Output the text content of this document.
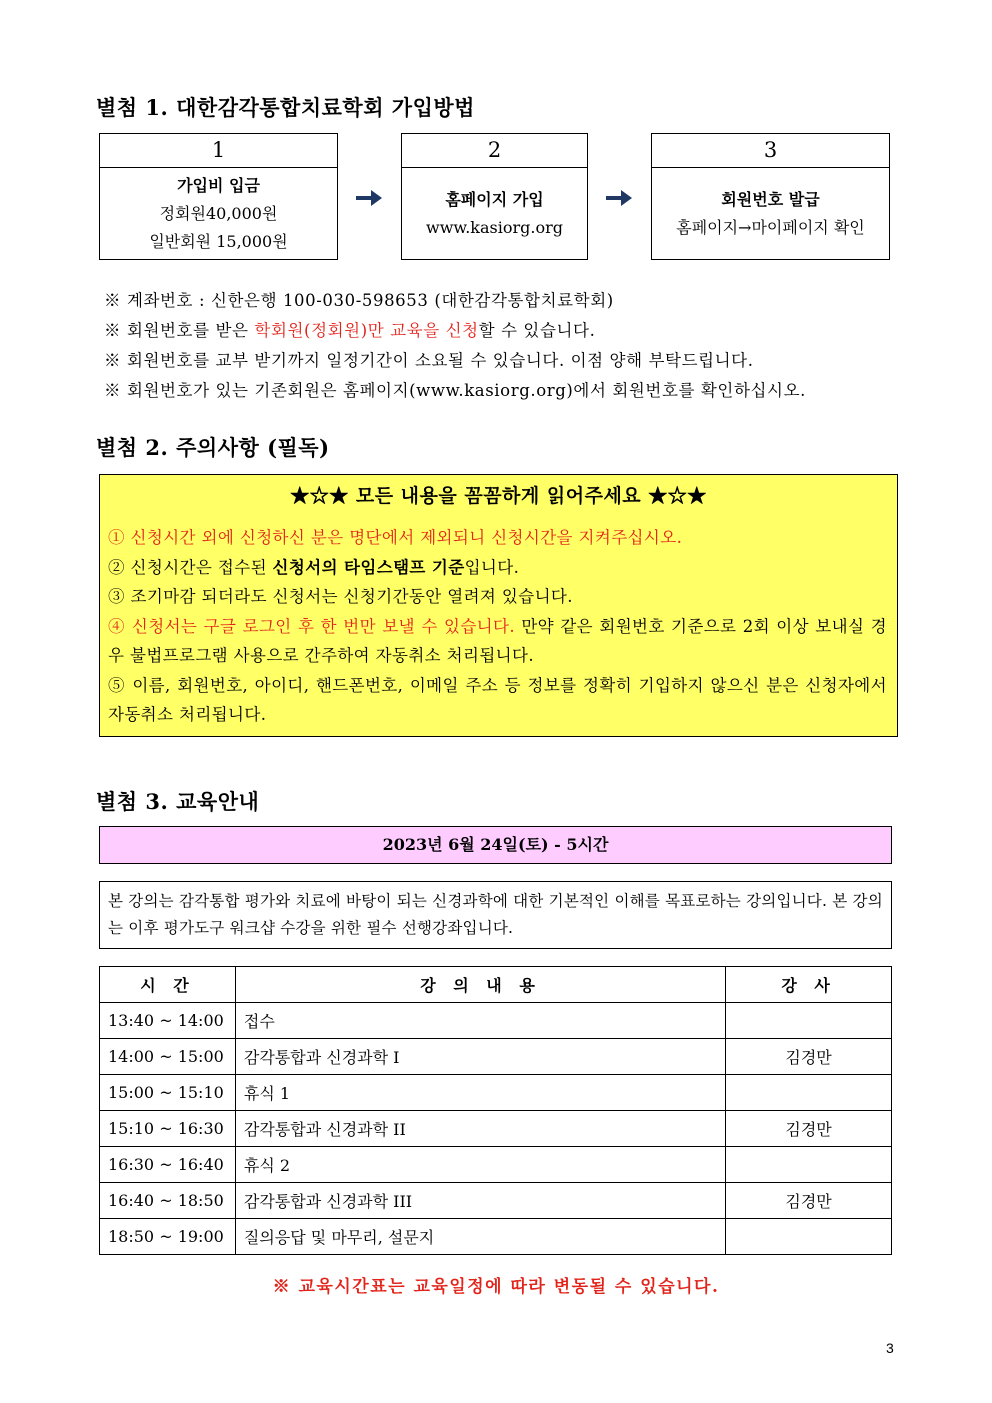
별첨 1. 대한감각통합치료학회 가입방법
1
가입비 입금
정회원40,000원
일반회원 15,000원
2
홈페이지 가입
www.kasiorg.org
3
회원번호 발급
홈페이지→마이페이지 확인
※ 계좌번호 : 신한은행 100-030-598653 (대한감각통합치료학회)
※ 회원번호를 받은 학회원(정회원)만 교육을 신청할 수 있습니다.
※ 회원번호를 교부 받기까지 일정기간이 소요될 수 있습니다. 이점 양해 부탁드립니다.
※ 회원번호가 있는 기존회원은 홈페이지(www.kasiorg.org)에서 회원번호를 확인하십시오.
별첨 2. 주의사항 (필독)
★☆★ 모든 내용을 꼼꼼하게 읽어주세요 ★☆★
① 신청시간 외에 신청하신 분은 명단에서 제외되니 신청시간을 지켜주십시오.
② 신청시간은 접수된 신청서의 타임스탬프 기준입니다.
③ 조기마감 되더라도 신청서는 신청기간동안 열려져 있습니다.
④ 신청서는 구글 로그인 후 한 번만 보낼 수 있습니다. 만약 같은 회원번호 기준으로 2회 이상 보내실 경우 불법프로그램 사용으로 간주하여 자동취소 처리됩니다.
⑤ 이름, 회원번호, 아이디, 핸드폰번호, 이메일 주소 등 정보를 정확히 기입하지 않으신 분은 신청자에서 자동취소 처리됩니다.
별첨 3. 교육안내
2023년 6월 24일(토) - 5시간
본 강의는 감각통합 평가와 치료에 바탕이 되는 신경과학에 대한 기본적인 이해를 목표로하는 강의입니다. 본 강의는 이후 평가도구 워크샵 수강을 위한 필수 선행강좌입니다.
시 간	강 의 내 용	강 사
13:40 ~ 14:00	접수	
14:00 ~ 15:00	감각통합과 신경과학 I	김경만
15:00 ~ 15:10	휴식 1	
15:10 ~ 16:30	감각통합과 신경과학 II	김경만
16:30 ~ 16:40	휴식 2	
16:40 ~ 18:50	감각통합과 신경과학 III	김경만
18:50 ~ 19:00	질의응답 및 마무리, 설문지	
※ 교육시간표는 교육일정에 따라 변동될 수 있습니다.
3
